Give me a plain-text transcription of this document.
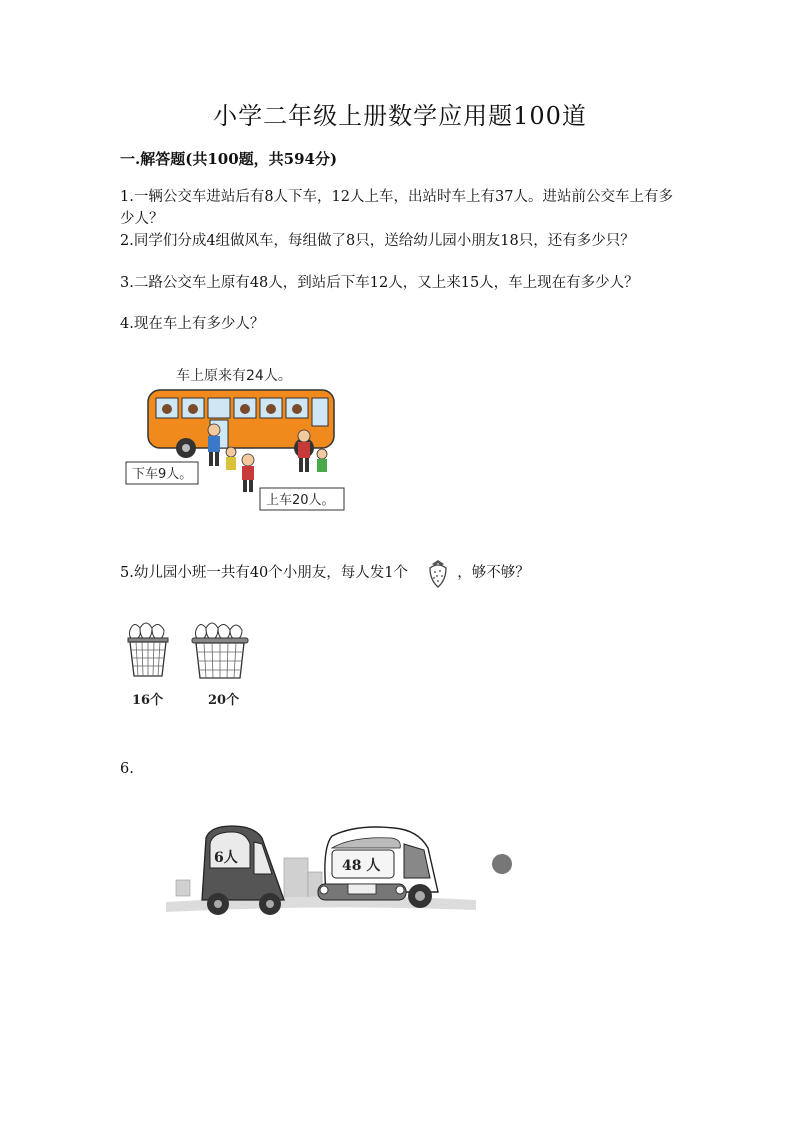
小学二年级上册数学应用题100道
一.解答题(共100题，共594分)
1.一辆公交车进站后有8人下车，12人上车，出站时车上有37人。进站前公交车上有多少人？
2.同学们分成4组做风车，每组做了8只，送给幼儿园小朋友18只，还有多少只？
3.二路公交车上原有48人，到站后下车12人，又上来15人，车上现在有多少人？
4.现在车上有多少人？
车上原来有24人。
下车9人。
上车20人。
5.幼儿园小班一共有40个小朋友，每人发1个	，够不够？
16个	20个
6.
6人	48 人
